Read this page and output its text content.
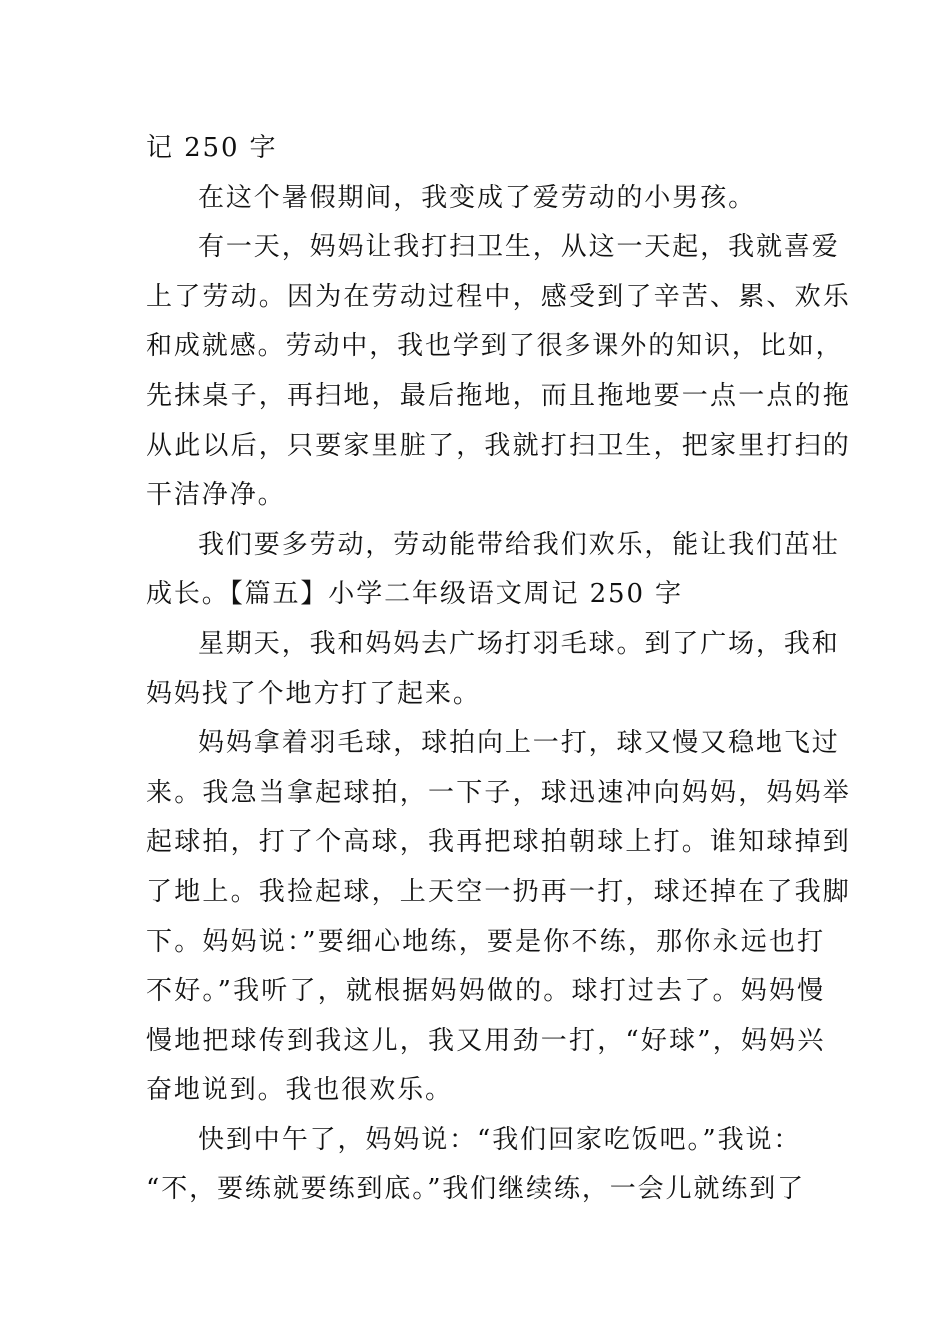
记 250 字
在这个暑假期间，我变成了爱劳动的小男孩。
有一天，妈妈让我打扫卫生，从这一天起，我就喜爱
上了劳动。因为在劳动过程中，感受到了辛苦、累、欢乐
和成就感。劳动中，我也学到了很多课外的知识，比如，
先抹桌子，再扫地，最后拖地，而且拖地要一点一点的拖
从此以后，只要家里脏了，我就打扫卫生，把家里打扫的
干洁净净。
我们要多劳动，劳动能带给我们欢乐，能让我们茁壮
成长。【篇五】小学二年级语文周记 250 字
星期天，我和妈妈去广场打羽毛球。到了广场，我和
妈妈找了个地方打了起来。
妈妈拿着羽毛球，球拍向上一打，球又慢又稳地飞过
来。我急当拿起球拍，一下子，球迅速冲向妈妈，妈妈举
起球拍，打了个高球，我再把球拍朝球上打。谁知球掉到
了地上。我捡起球，上天空一扔再一打，球还掉在了我脚
下。妈妈说：”要细心地练，要是你不练，那你永远也打
不好。”我听了，就根据妈妈做的。球打过去了。妈妈慢
慢地把球传到我这儿，我又用劲一打，“好球”，妈妈兴
奋地说到。我也很欢乐。
快到中午了，妈妈说：“我们回家吃饭吧。”我说：
“不，要练就要练到底。”我们继续练，一会儿就练到了
